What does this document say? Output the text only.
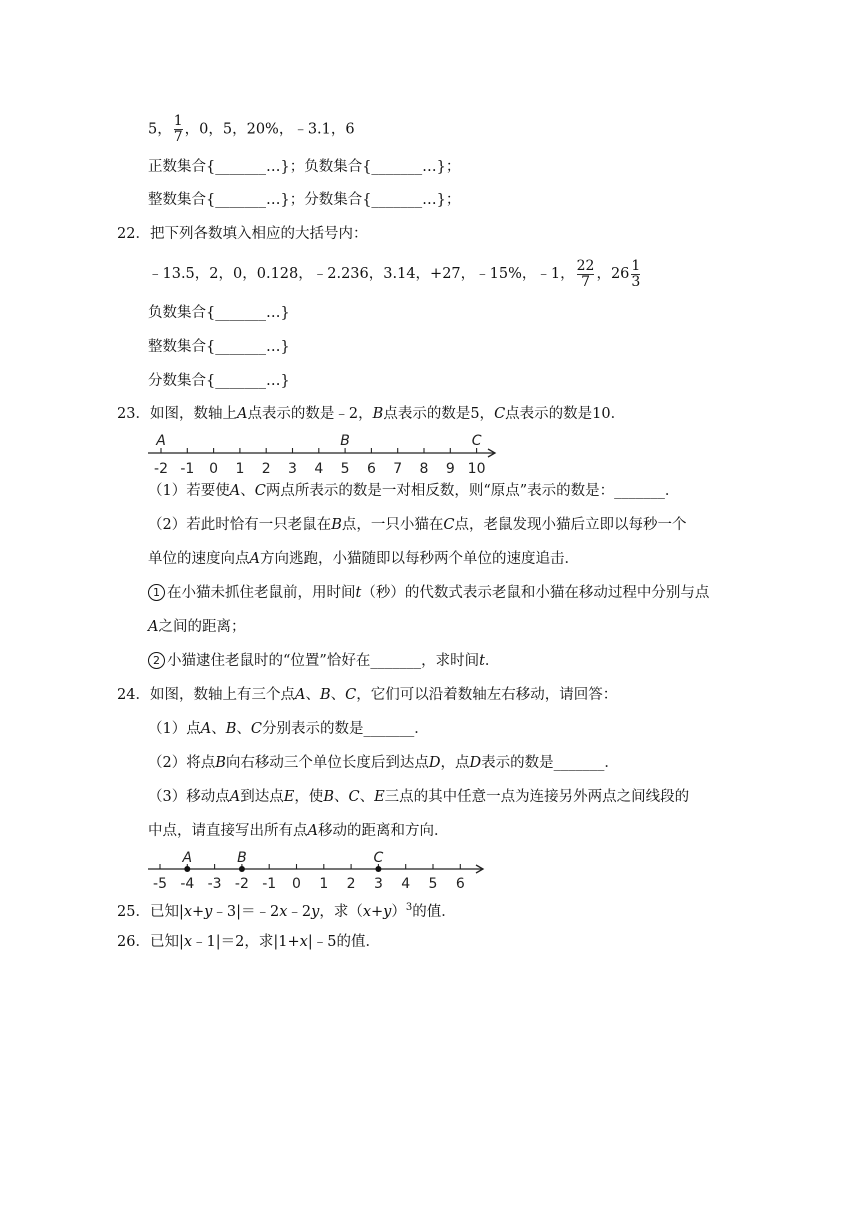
5， $\frac{1}{7}$ ，0，5，20%，﹣3.1，6
正数集合{_______…}；负数集合{_______…}；
整数集合{_______…}；分数集合{_______…}；
22．把下列各数填入相应的大括号内：
﹣13.5，2，0，0.128，﹣2.236，3.14，+27，﹣15%，﹣1， $\frac{22}{7}$ ，$26 \frac{1}{3}$
负数集合{_______…}
整数集合{_______…}
分数集合{_______…}
23．如图，数轴上A点表示的数是﹣2，B点表示的数是5，C点表示的数是10．
-2 -1 0 1 2 3 4 5 6 7 8 9 10
A	B	C
（1）若要使A、C两点所表示的数是一对相反数，则“原点”表示的数是：_______．
（2）若此时恰有一只老鼠在B点，一只小猫在C点，老鼠发现小猫后立即以每秒一个
单位的速度向点A方向逃跑，小猫随即以每秒两个单位的速度追击．
1 在小猫未抓住老鼠前，用时间t（秒）的代数式表示老鼠和小猫在移动过程中分别与点
A之间的距离；
2 小猫逮住老鼠时的“位置”恰好在_______，求时间t．
24．如图，数轴上有三个点A、B、C，它们可以沿着数轴左右移动，请回答：
（1）点A、B、C分别表示的数是_______．
（2）将点B向右移动三个单位长度后到达点D，点D表示的数是_______．
（3）移动点A到达点E，使B、C、E三点的其中任意一点为连接另外两点之间线段的
中点，请直接写出所有点A移动的距离和方向．
-5 -4 -3 -2 -1 0 1 2 3 4 5 6
A	B	C
25．已知|x+y﹣3|＝﹣2x﹣2y，求$(x+y)^3$的值．
26．已知|x﹣1|＝2，求|1+x|﹣5的值．
